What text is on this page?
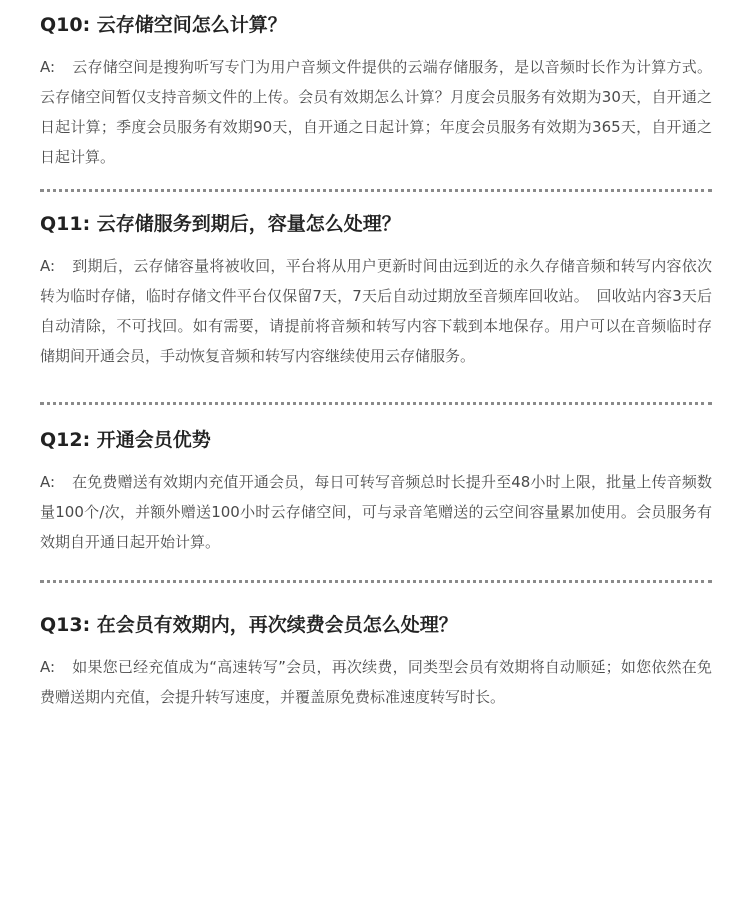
Q10: 云存储空间怎么计算？

A: 云存储空间是搜狗听写专门为用户音频文件提供的云端存储服务，是以音频时长作为计算方式。云存储空间暂仅支持音频文件的上传。会员有效期怎么计算？月度会员服务有效期为30天，自开通之日起计算；季度会员服务有效期90天，自开通之日起计算；年度会员服务有效期为365天，自开通之日起计算。

Q11: 云存储服务到期后，容量怎么处理？

A: 到期后，云存储容量将被收回，平台将从用户更新时间由远到近的永久存储音频和转写内容依次转为临时存储，临时存储文件平台仅保留7天，7天后自动过期放至音频库回收站。　回收站内容3天后自动清除，不可找回。如有需要，请提前将音频和转写内容下载到本地保存。用户可以在音频临时存储期间开通会员，手动恢复音频和转写内容继续使用云存储服务。

Q12: 开通会员优势

A: 在免费赠送有效期内充值开通会员，每日可转写音频总时长提升至48小时上限，批量上传音频数量100个/次，并额外赠送100小时云存储空间，可与录音笔赠送的云空间容量累加使用。会员服务有效期自开通日起开始计算。

Q13: 在会员有效期内，再次续费会员怎么处理？

A: 如果您已经充值成为“高速转写”会员，再次续费，同类型会员有效期将自动顺延；如您依然在免费赠送期内充值，会提升转写速度，并覆盖原免费标准速度转写时长。
